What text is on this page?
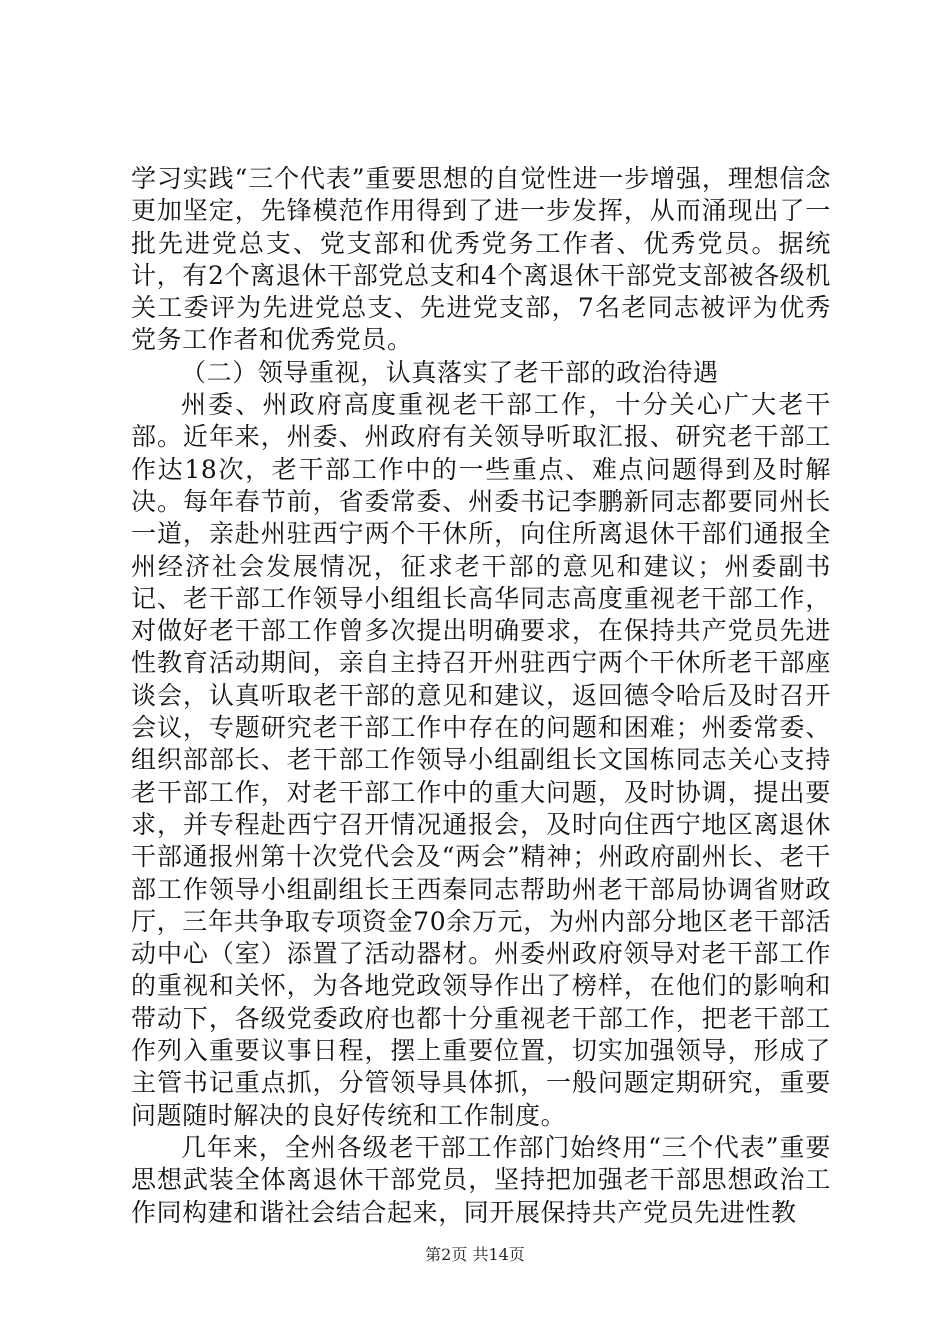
学习实践“三个代表”重要思想的自觉性进一步增强，理想信念更加坚定，先锋模范作用得到了进一步发挥，从而涌现出了一批先进党总支、党支部和优秀党务工作者、优秀党员。据统计，有2个离退休干部党总支和4个离退休干部党支部被各级机关工委评为先进党总支、先进党支部，7名老同志被评为优秀党务工作者和优秀党员。

（二）领导重视，认真落实了老干部的政治待遇

州委、州政府高度重视老干部工作，十分关心广大老干部。近年来，州委、州政府有关领导听取汇报、研究老干部工作达18次，老干部工作中的一些重点、难点问题得到及时解决。每年春节前，省委常委、州委书记李鹏新同志都要同州长一道，亲赴州驻西宁两个干休所，向住所离退休干部们通报全州经济社会发展情况，征求老干部的意见和建议；州委副书记、老干部工作领导小组组长高华同志高度重视老干部工作，对做好老干部工作曾多次提出明确要求，在保持共产党员先进性教育活动期间，亲自主持召开州驻西宁两个干休所老干部座谈会，认真听取老干部的意见和建议，返回德令哈后及时召开会议，专题研究老干部工作中存在的问题和困难；州委常委、组织部部长、老干部工作领导小组副组长文国栋同志关心支持老干部工作，对老干部工作中的重大问题，及时协调，提出要求，并专程赴西宁召开情况通报会，及时向住西宁地区离退休干部通报州第十次党代会及“两会”精神；州政府副州长、老干部工作领导小组副组长王西秦同志帮助州老干部局协调省财政厅，三年共争取专项资金70余万元，为州内部分地区老干部活动中心（室）添置了活动器材。州委州政府领导对老干部工作的重视和关怀，为各地党政领导作出了榜样，在他们的影响和带动下，各级党委政府也都十分重视老干部工作，把老干部工作列入重要议事日程，摆上重要位置，切实加强领导，形成了主管书记重点抓，分管领导具体抓，一般问题定期研究，重要问题随时解决的良好传统和工作制度。

几年来，全州各级老干部工作部门始终用“三个代表”重要思想武装全体离退休干部党员，坚持把加强老干部思想政治工作同构建和谐社会结合起来，同开展保持共产党员先进性教

第2页 共14页
